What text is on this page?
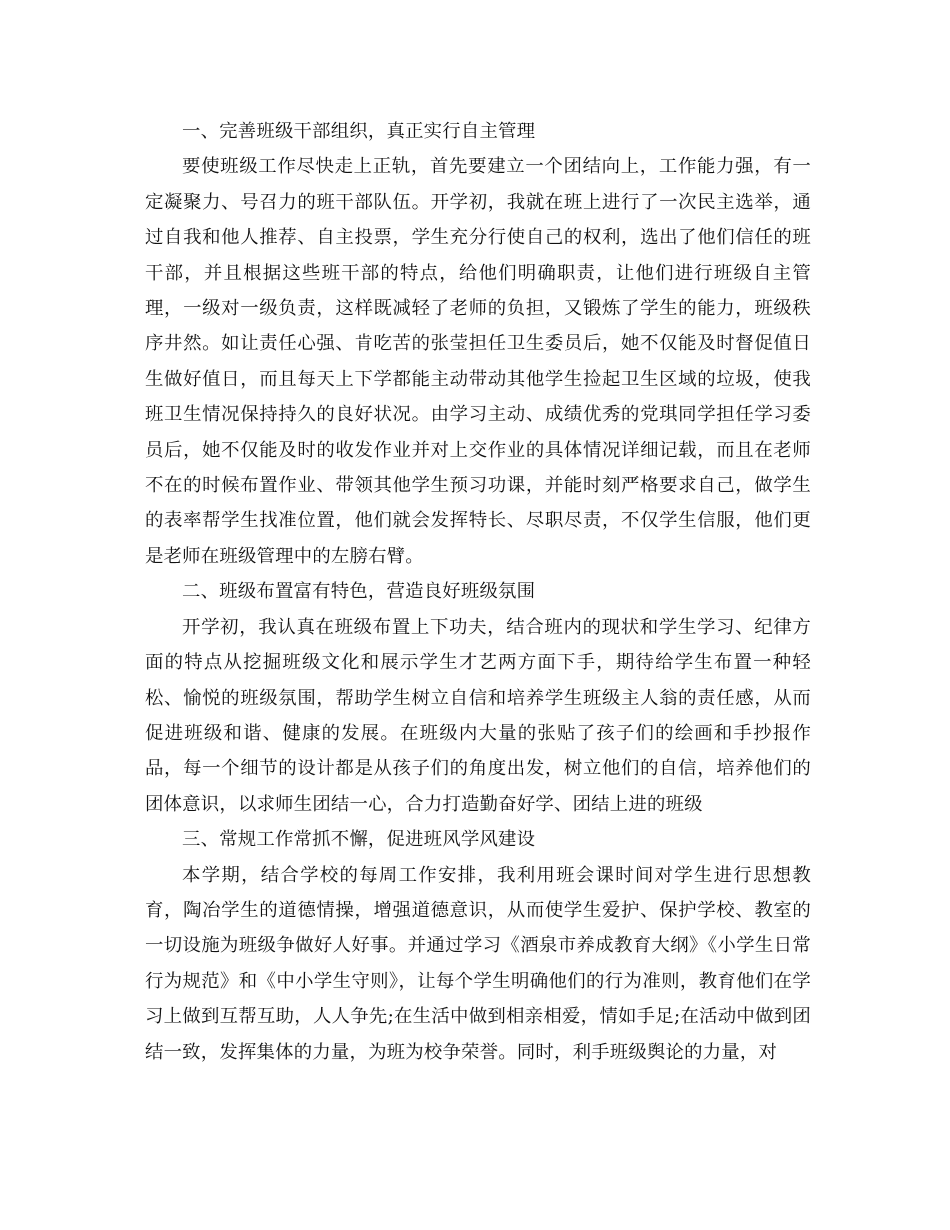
一、完善班级干部组织，真正实行自主管理

要使班级工作尽快走上正轨，首先要建立一个团结向上，工作能力强，有一定凝聚力、号召力的班干部队伍。开学初，我就在班上进行了一次民主选举，通过自我和他人推荐、自主投票，学生充分行使自己的权利，选出了他们信任的班干部，并且根据这些班干部的特点，给他们明确职责，让他们进行班级自主管理，一级对一级负责，这样既减轻了老师的负担，又锻炼了学生的能力，班级秩序井然。如让责任心强、肯吃苦的张莹担任卫生委员后，她不仅能及时督促值日生做好值日，而且每天上下学都能主动带动其他学生捡起卫生区域的垃圾，使我班卫生情况保持持久的良好状况。由学习主动、成绩优秀的党琪同学担任学习委员后，她不仅能及时的收发作业并对上交作业的具体情况详细记载，而且在老师不在的时候布置作业、带领其他学生预习功课，并能时刻严格要求自己，做学生的表率帮学生找准位置，他们就会发挥特长、尽职尽责，不仅学生信服，他们更是老师在班级管理中的左膀右臂。

二、班级布置富有特色，营造良好班级氛围

开学初，我认真在班级布置上下功夫，结合班内的现状和学生学习、纪律方面的特点从挖掘班级文化和展示学生才艺两方面下手，期待给学生布置一种轻松、愉悦的班级氛围，帮助学生树立自信和培养学生班级主人翁的责任感，从而促进班级和谐、健康的发展。在班级内大量的张贴了孩子们的绘画和手抄报作品，每一个细节的设计都是从孩子们的角度出发，树立他们的自信，培养他们的团体意识，以求师生团结一心，合力打造勤奋好学、团结上进的班级

三、常规工作常抓不懈，促进班风学风建设

本学期，结合学校的每周工作安排，我利用班会课时间对学生进行思想教育，陶冶学生的道德情操，增强道德意识，从而使学生爱护、保护学校、教室的一切设施为班级争做好人好事。并通过学习《酒泉市养成教育大纲》《小学生日常行为规范》和《中小学生守则》，让每个学生明确他们的行为准则，教育他们在学习上做到互帮互助，人人争先;在生活中做到相亲相爱，情如手足;在活动中做到团结一致，发挥集体的力量，为班为校争荣誉。同时，利手班级舆论的力量，对
